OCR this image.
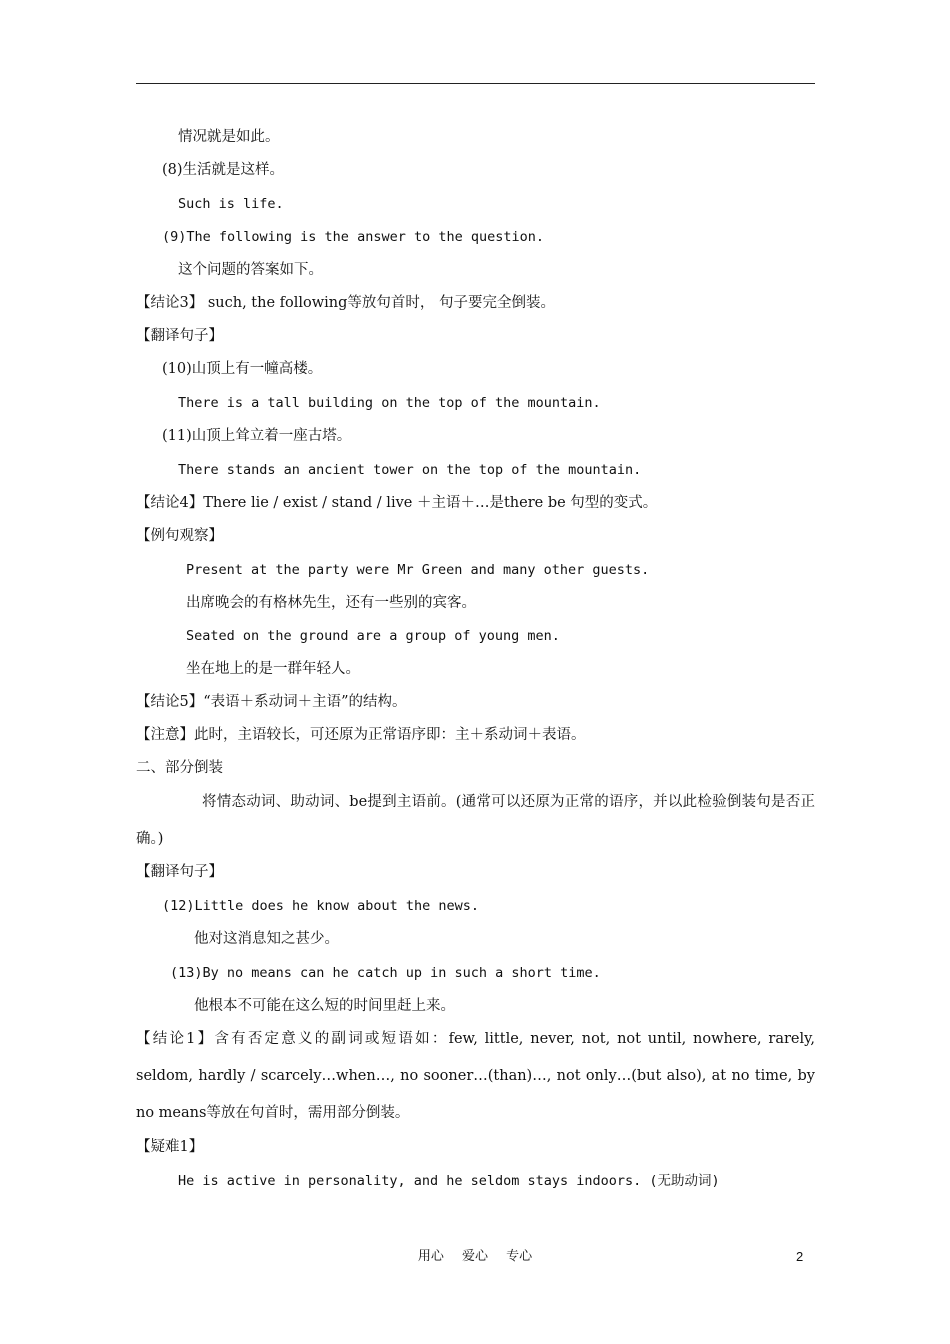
情况就是如此。
(8)生活就是这样。
Such is life.
(9)The following is the answer to the question.
这个问题的答案如下。
【结论3】 such, the following等放句首时， 句子要完全倒装。
【翻译句子】
(10)山顶上有一幢高楼。
There is a tall building on the top of the mountain.
(11)山顶上耸立着一座古塔。
There stands an ancient tower on the top of the mountain.
【结论4】There lie / exist / stand / live ＋主语＋…是there be 句型的变式。
【例句观察】
Present at the party were Mr Green and many other guests.
出席晚会的有格林先生，还有一些别的宾客。
Seated on the ground are a group of young men.
坐在地上的是一群年轻人。
【结论5】“表语＋系动词＋主语”的结构。
【注意】此时，主语较长，可还原为正常语序即：主＋系动词＋表语。
二、部分倒装
将情态动词、助动词、be提到主语前。(通常可以还原为正常的语序，并以此检验倒装句是否正确。)
【翻译句子】
(12)Little does he know about the news.
他对这消息知之甚少。
(13)By no means can he catch up in such a short time.
他根本不可能在这么短的时间里赶上来。
【结论1】含有否定意义的副词或短语如：few, little, never, not, not until, nowhere, rarely, seldom, hardly / scarcely…when…, no sooner…(than)…, not only…(but also), at no time, by no means等放在句首时，需用部分倒装。
【疑难1】
He is active in personality, and he seldom stays indoors. (无助动词)
用心 爱心 专心	2
